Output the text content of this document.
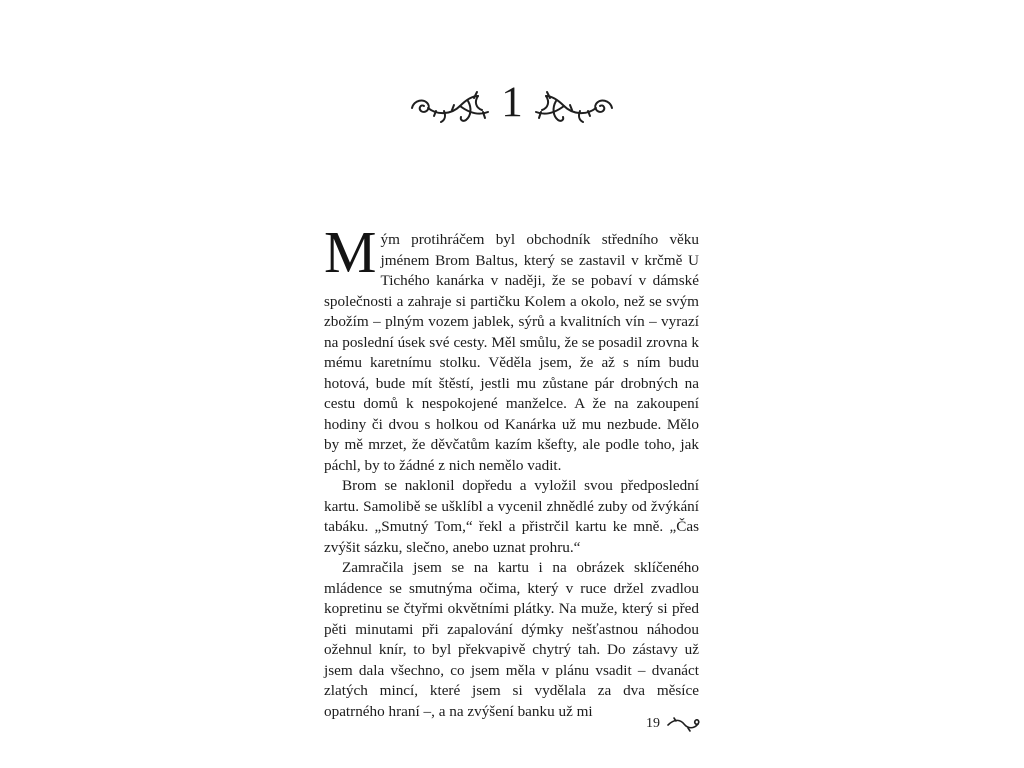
1

Mým protihráčem byl obchodník středního věku jménem Brom Baltus, který se zastavil v krčmě U Tichého kanárka v naději, že se pobaví v dámské společnosti a zahraje si partičku Kolem a okolo, než se svým zbožím – plným vozem jablek, sýrů a kvalitních vín – vyrazí na poslední úsek své cesty. Měl smůlu, že se posadil zrovna k mému karetnímu stolku. Věděla jsem, že až s ním budu hotová, bude mít štěstí, jestli mu zůstane pár drobných na cestu domů k nespokojené manželce. A že na zakoupení hodiny či dvou s holkou od Kanárka už mu nezbude. Mělo by mě mrzet, že děvčatům kazím kšefty, ale podle toho, jak páchl, by to žádné z nich nemělo vadit.

Brom se naklonil dopředu a vyložil svou předposlední kartu. Samolibě se ušklíbl a vycenil zhnědlé zuby od žvýkání tabáku. „Smutný Tom,“ řekl a přistrčil kartu ke mně. „Čas zvýšit sázku, slečno, anebo uznat prohru.“

Zamračila jsem se na kartu i na obrázek sklíčeného mládence se smutnýma očima, který v ruce držel zvadlou kopretinu se čtyřmi okvětními plátky. Na muže, který si před pěti minutami při zapalování dýmky nešťastnou náhodou ožehnul knír, to byl překvapivě chytrý tah. Do zástavy už jsem dala všechno, co jsem měla v plánu vsadit – dvanáct zlatých mincí, které jsem si vydělala za dva měsíce opatrného hraní –, a na zvýšení banku už mi

19
